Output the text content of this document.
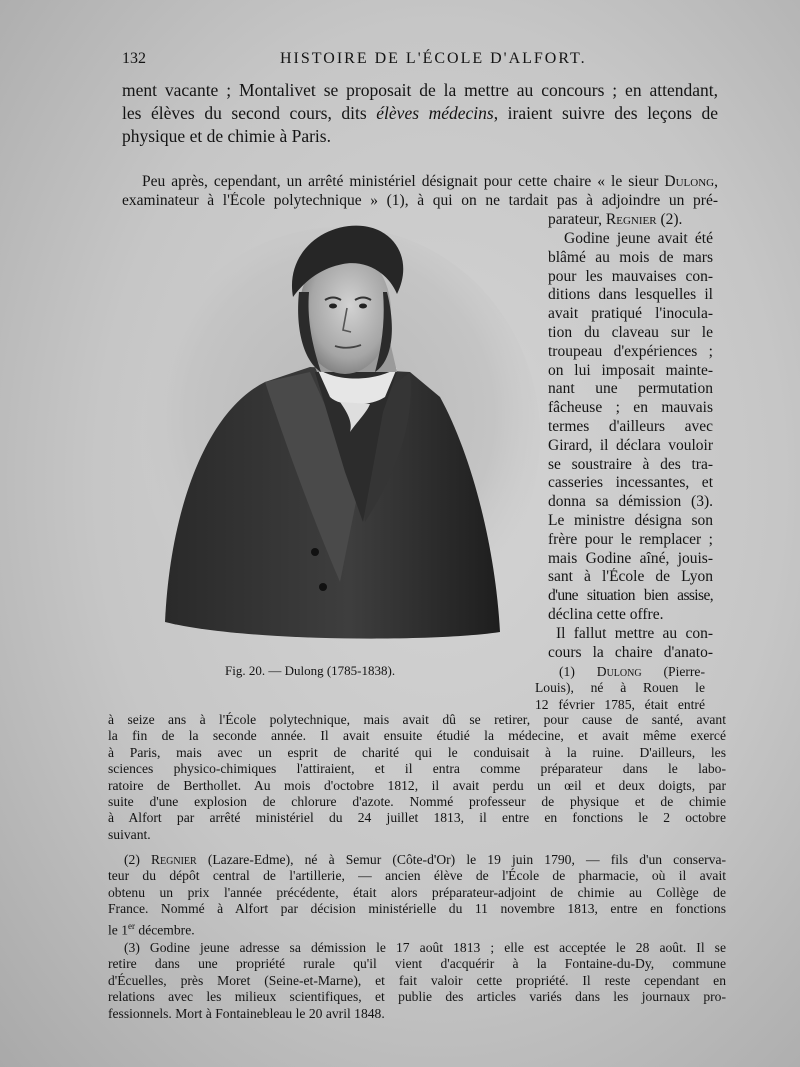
132	HISTOIRE DE L'ÉCOLE D'ALFORT.
ment vacante ; Montalivet se proposait de la mettre au concours ; en attendant,
les élèves du second cours, dits élèves médecins, iraient suivre des leçons de
physique et de chimie à Paris.
Peu après, cependant, un arrêté ministériel désignait pour cette chaire « le sieur Dulong,
examinateur à l'École polytechnique » (1), à qui on ne tardait pas à adjoindre un pré-
parateur, Regnier (2).
Godine jeune avait été
blâmé au mois de mars
pour les mauvaises con-
ditions dans lesquelles il
avait pratiqué l'inocula-
tion du claveau sur le
troupeau d'expériences ;
on lui imposait mainte-
nant une permutation
fâcheuse ; en mauvais
termes d'ailleurs avec
Girard, il déclara vouloir
se soustraire à des tra-
casseries incessantes, et
donna sa démission (3).
Le ministre désigna son
frère pour le remplacer ;
mais Godine aîné, jouis-
sant à l'École de Lyon
d'une situation bien assise,
déclina cette offre.
Il fallut mettre au con-
cours la chaire d'anato-
Fig. 20. — Dulong (1785-1838).	(1) Dulong (Pierre-
Louis), né à Rouen le
12 février 1785, était entré
à seize ans à l'École polytechnique, mais avait dû se retirer, pour cause de santé, avant
la fin de la seconde année. Il avait ensuite étudié la médecine, et avait même exercé
à Paris, mais avec un esprit de charité qui le conduisait à la ruine. D'ailleurs, les
sciences physico-chimiques l'attiraient, et il entra comme préparateur dans le labo-
ratoire de Berthollet. Au mois d'octobre 1812, il avait perdu un œil et deux doigts, par
suite d'une explosion de chlorure d'azote. Nommé professeur de physique et de chimie
à Alfort par arrêté ministériel du 24 juillet 1813, il entre en fonctions le 2 octobre
suivant.
(2) Regnier (Lazare-Edme), né à Semur (Côte-d'Or) le 19 juin 1790, — fils d'un conserva-
teur du dépôt central de l'artillerie, — ancien élève de l'École de pharmacie, où il avait
obtenu un prix l'année précédente, était alors préparateur-adjoint de chimie au Collège de
France. Nommé à Alfort par décision ministérielle du 11 novembre 1813, entre en fonctions
le 1er décembre.
(3) Godine jeune adresse sa démission le 17 août 1813 ; elle est acceptée le 28 août. Il se
retire dans une propriété rurale qu'il vient d'acquérir à la Fontaine-du-Dy, commune
d'Écuelles, près Moret (Seine-et-Marne), et fait valoir cette propriété. Il reste cependant en
relations avec les milieux scientifiques, et publie des articles variés dans les journaux pro-
fessionnels. Mort à Fontainebleau le 20 avril 1848.
